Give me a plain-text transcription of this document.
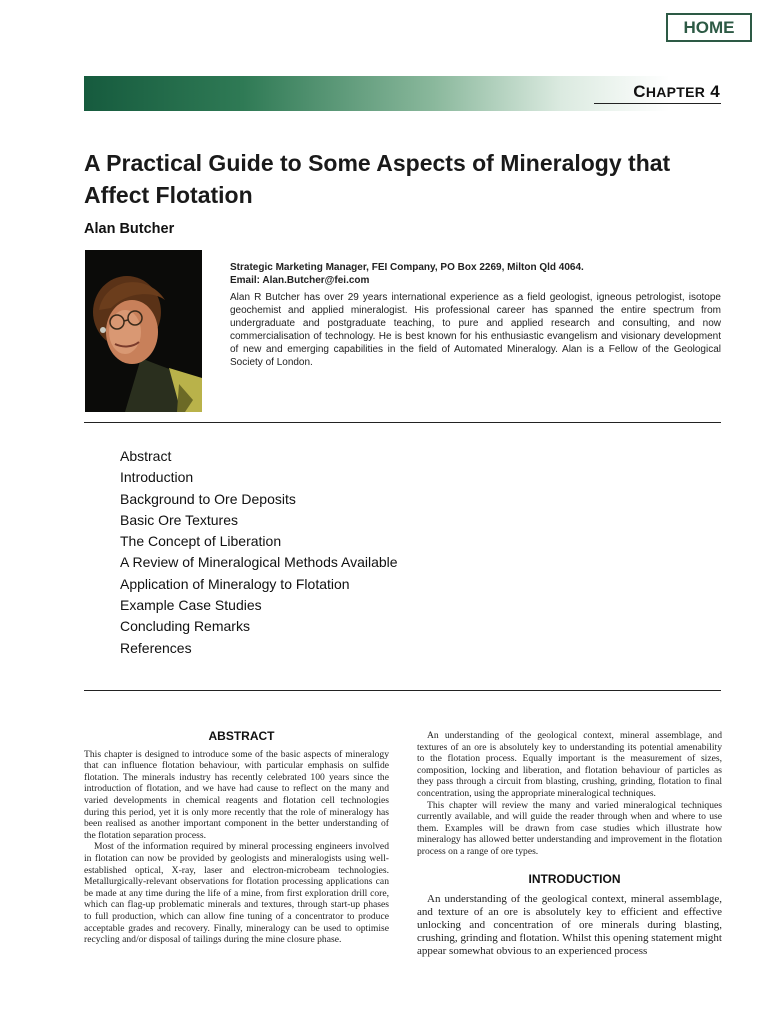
HOME
CHAPTER 4
A Practical Guide to Some Aspects of Mineralogy that Affect Flotation
Alan Butcher

Strategic Marketing Manager, FEI Company, PO Box 2269, Milton Qld 4064.

Email: Alan.Butcher@fei.com

Alan R Butcher has over 29 years international experience as a field geologist, igneous petrologist, isotope geochemist and applied mineralogist. His professional career has spanned the entire spectrum from undergraduate and postgraduate teaching, to pure and applied research and consulting, and now commercialisation of technology. He is best known for his enthusiastic evangelism and visionary development of new and emerging capabilities in the field of Automated Mineralogy. Alan is a Fellow of the Geological Society of London.

Abstract
Introduction
Background to Ore Deposits
Basic Ore Textures
The Concept of Liberation
A Review of Mineralogical Methods Available
Application of Mineralogy to Flotation
Example Case Studies
Concluding Remarks
References

ABSTRACT

This chapter is designed to introduce some of the basic aspects of mineralogy that can influence flotation behaviour, with particular emphasis on sulfide flotation. The minerals industry has recently celebrated 100 years since the introduction of flotation, and we have had cause to reflect on the many and varied developments in chemical reagents and flotation cell technologies during this period, yet it is only more recently that the role of mineralogy has been realised as another important component in the better understanding of the flotation separation process.

Most of the information required by mineral processing engineers involved in flotation can now be provided by geologists and mineralogists using well-established optical, X-ray, laser and electron-microbeam technologies. Metallurgically-relevant observations for flotation processing applications can be made at any time during the life of a mine, from first exploration drill core, which can flag-up problematic minerals and textures, through start-up phases to full production, which can allow fine tuning of a concentrator to produce acceptable grades and recovery. Finally, mineralogy can be used to optimise recycling and/or disposal of tailings during the mine closure phase.

An understanding of the geological context, mineral assemblage, and textures of an ore is absolutely key to understanding its potential amenability to the flotation process. Equally important is the measurement of sizes, composition, locking and liberation, and flotation behaviour of particles as they pass through a circuit from blasting, crushing, grinding, flotation to final concentration, using the appropriate mineralogical techniques.

This chapter will review the many and varied mineralogical techniques currently available, and will guide the reader through when and where to use them. Examples will be drawn from case studies which illustrate how mineralogy has allowed better understanding and improvement in the flotation process on a range of ore types.

INTRODUCTION

An understanding of the geological context, mineral assemblage, and texture of an ore is absolutely key to efficient and effective unlocking and concentration of ore minerals during blasting, crushing, grinding and flotation. Whilst this opening statement might appear somewhat obvious to an experienced process
